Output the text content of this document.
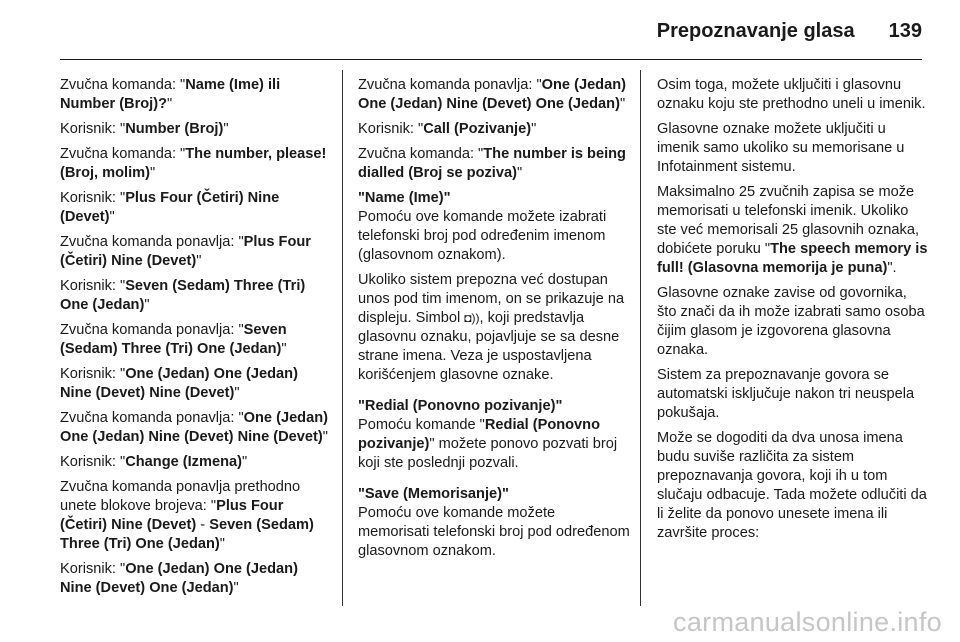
Prepoznavanje glasa 139

Zvučna komanda: "Name (Ime) ili Number (Broj)?"

Korisnik: "Number (Broj)"

Zvučna komanda: "The number, please! (Broj, molim)"

Korisnik: "Plus Four (Četiri) Nine (Devet)"

Zvučna komanda ponavlja: "Plus Four (Četiri) Nine (Devet)"

Korisnik: "Seven (Sedam) Three (Tri) One (Jedan)"

Zvučna komanda ponavlja: "Seven (Sedam) Three (Tri) One (Jedan)"

Korisnik: "One (Jedan) One (Jedan) Nine (Devet) Nine (Devet)"

Zvučna komanda ponavlja: "One (Jedan) One (Jedan) Nine (Devet) Nine (Devet)"

Korisnik: "Change (Izmena)"

Zvučna komanda ponavlja prethodno unete blokove brojeva: "Plus Four (Četiri) Nine (Devet) - Seven (Sedam) Three (Tri) One (Jedan)"

Korisnik: "One (Jedan) One (Jedan) Nine (Devet) One (Jedan)"

Zvučna komanda ponavlja: "One (Jedan) One (Jedan) Nine (Devet) One (Jedan)"

Korisnik: "Call (Pozivanje)"

Zvučna komanda: "The number is being dialled (Broj se poziva)"

"Name (Ime)"
Pomoću ove komande možete izabrati telefonski broj pod određenim imenom (glasovnom oznakom).

Ukoliko sistem prepozna već dostupan unos pod tim imenom, on se prikazuje na displeju. Simbol ◘)), koji predstavlja glasovnu oznaku, pojavljuje se sa desne strane imena. Veza je uspostavljena korišćenjem glasovne oznake.

"Redial (Ponovno pozivanje)"
Pomoću komande "Redial (Ponovno pozivanje)" možete ponovo pozvati broj koji ste poslednji pozvali.

"Save (Memorisanje)"
Pomoću ove komande možete memorisati telefonski broj pod određenom glasovnom oznakom.

Osim toga, možete uključiti i glasovnu oznaku koju ste prethodno uneli u imenik.

Glasovne oznake možete uključiti u imenik samo ukoliko su memorisane u Infotainment sistemu.

Maksimalno 25 zvučnih zapisa se može memorisati u telefonski imenik. Ukoliko ste već memorisali 25 glasovnih oznaka, dobićete poruku "The speech memory is full! (Glasovna memorija je puna)".

Glasovne oznake zavise od govornika, što znači da ih može izabrati samo osoba čijim glasom je izgovorena glasovna oznaka.

Sistem za prepoznavanje govora se automatski isključuje nakon tri neuspela pokušaja.

Može se dogoditi da dva unosa imena budu suviše različita za sistem prepoznavanja govora, koji ih u tom slučaju odbacuje. Tada možete odlučiti da li želite da ponovo unesete imena ili završite proces:

carmanualsonline.info
